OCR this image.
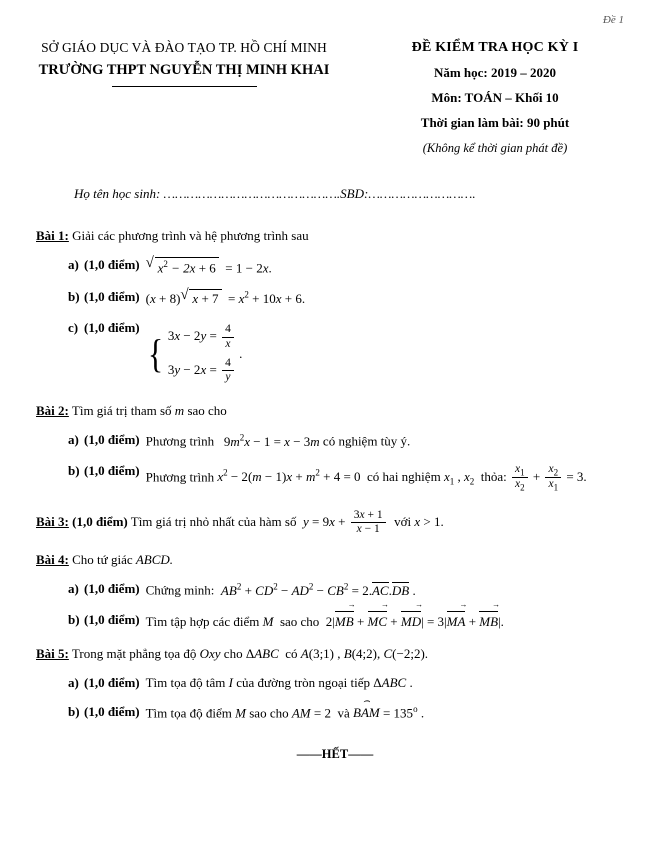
Đề 1
SỞ GIÁO DỤC VÀ ĐÀO TẠO TP. HỒ CHÍ MINH
TRƯỜNG THPT NGUYỄN THỊ MINH KHAI
ĐỀ KIỂM TRA HỌC KỲ I
Năm học: 2019 – 2020
Môn: TOÁN – Khối 10
Thời gian làm bài: 90 phút
(Không kể thời gian phát đề)
Họ tên học sinh: ……………………………………….SBD:……………………….
Bài 1: Giải các phương trình và hệ phương trình sau
a) (1,0 điểm)	√ $x^2 - 2x + 6 = 1 - 2x$.
b) (1,0 điểm) (x + 8) √ $x + 7 = x^2 + 10x + 6$.
c) (1,0 điểm)
{ $3x - 2y = \frac{4}{x}$
$3y - 2x = \frac{4}{y}$
.
Bài 2: Tìm giá trị tham số m sao cho
a) (1,0 điểm) Phương trình   $9m^2x - 1 = x - 3m$ có nghiệm tùy ý.
b) (1,0 điểm) Phương trình $x^2 - 2(m - 1)x + m^2 + 4 = 0$  có hai nghiệm $x_1$ , $x_2$  thỏa: $\frac{x_1}{x_2} + \frac{x_2}{x_1} = 3$.
Bài 3: (1,0 điểm) Tìm giá trị nhỏ nhất của hàm số $y = 9x + \frac{3x + 1}{x - 1}$ với x > 1.
Bài 4: Cho tứ giác ABCD.
a) (1,0 điểm) Chứng minh: $AB^2 + CD^2 - AD^2 - CB^2 = 2.AC.DB$ .
b) (1,0 điểm) Tìm tập hợp các điểm M  sao cho  2|→ MB + → MC + → MD| = 3|→ MA + → MB|.
Bài 5: Trong mặt phẳng tọa độ Oxy cho ΔABC  có A(3;1) , B(4;2), C(−2;2).
a) (1,0 điểm) Tìm tọa độ tâm I của đường tròn ngoại tiếp ΔABC .
b) (1,0 điểm) Tìm tọa độ điểm M sao cho AM = 2  và BAM ⌢ = $135^o$ .
——HẾT——
